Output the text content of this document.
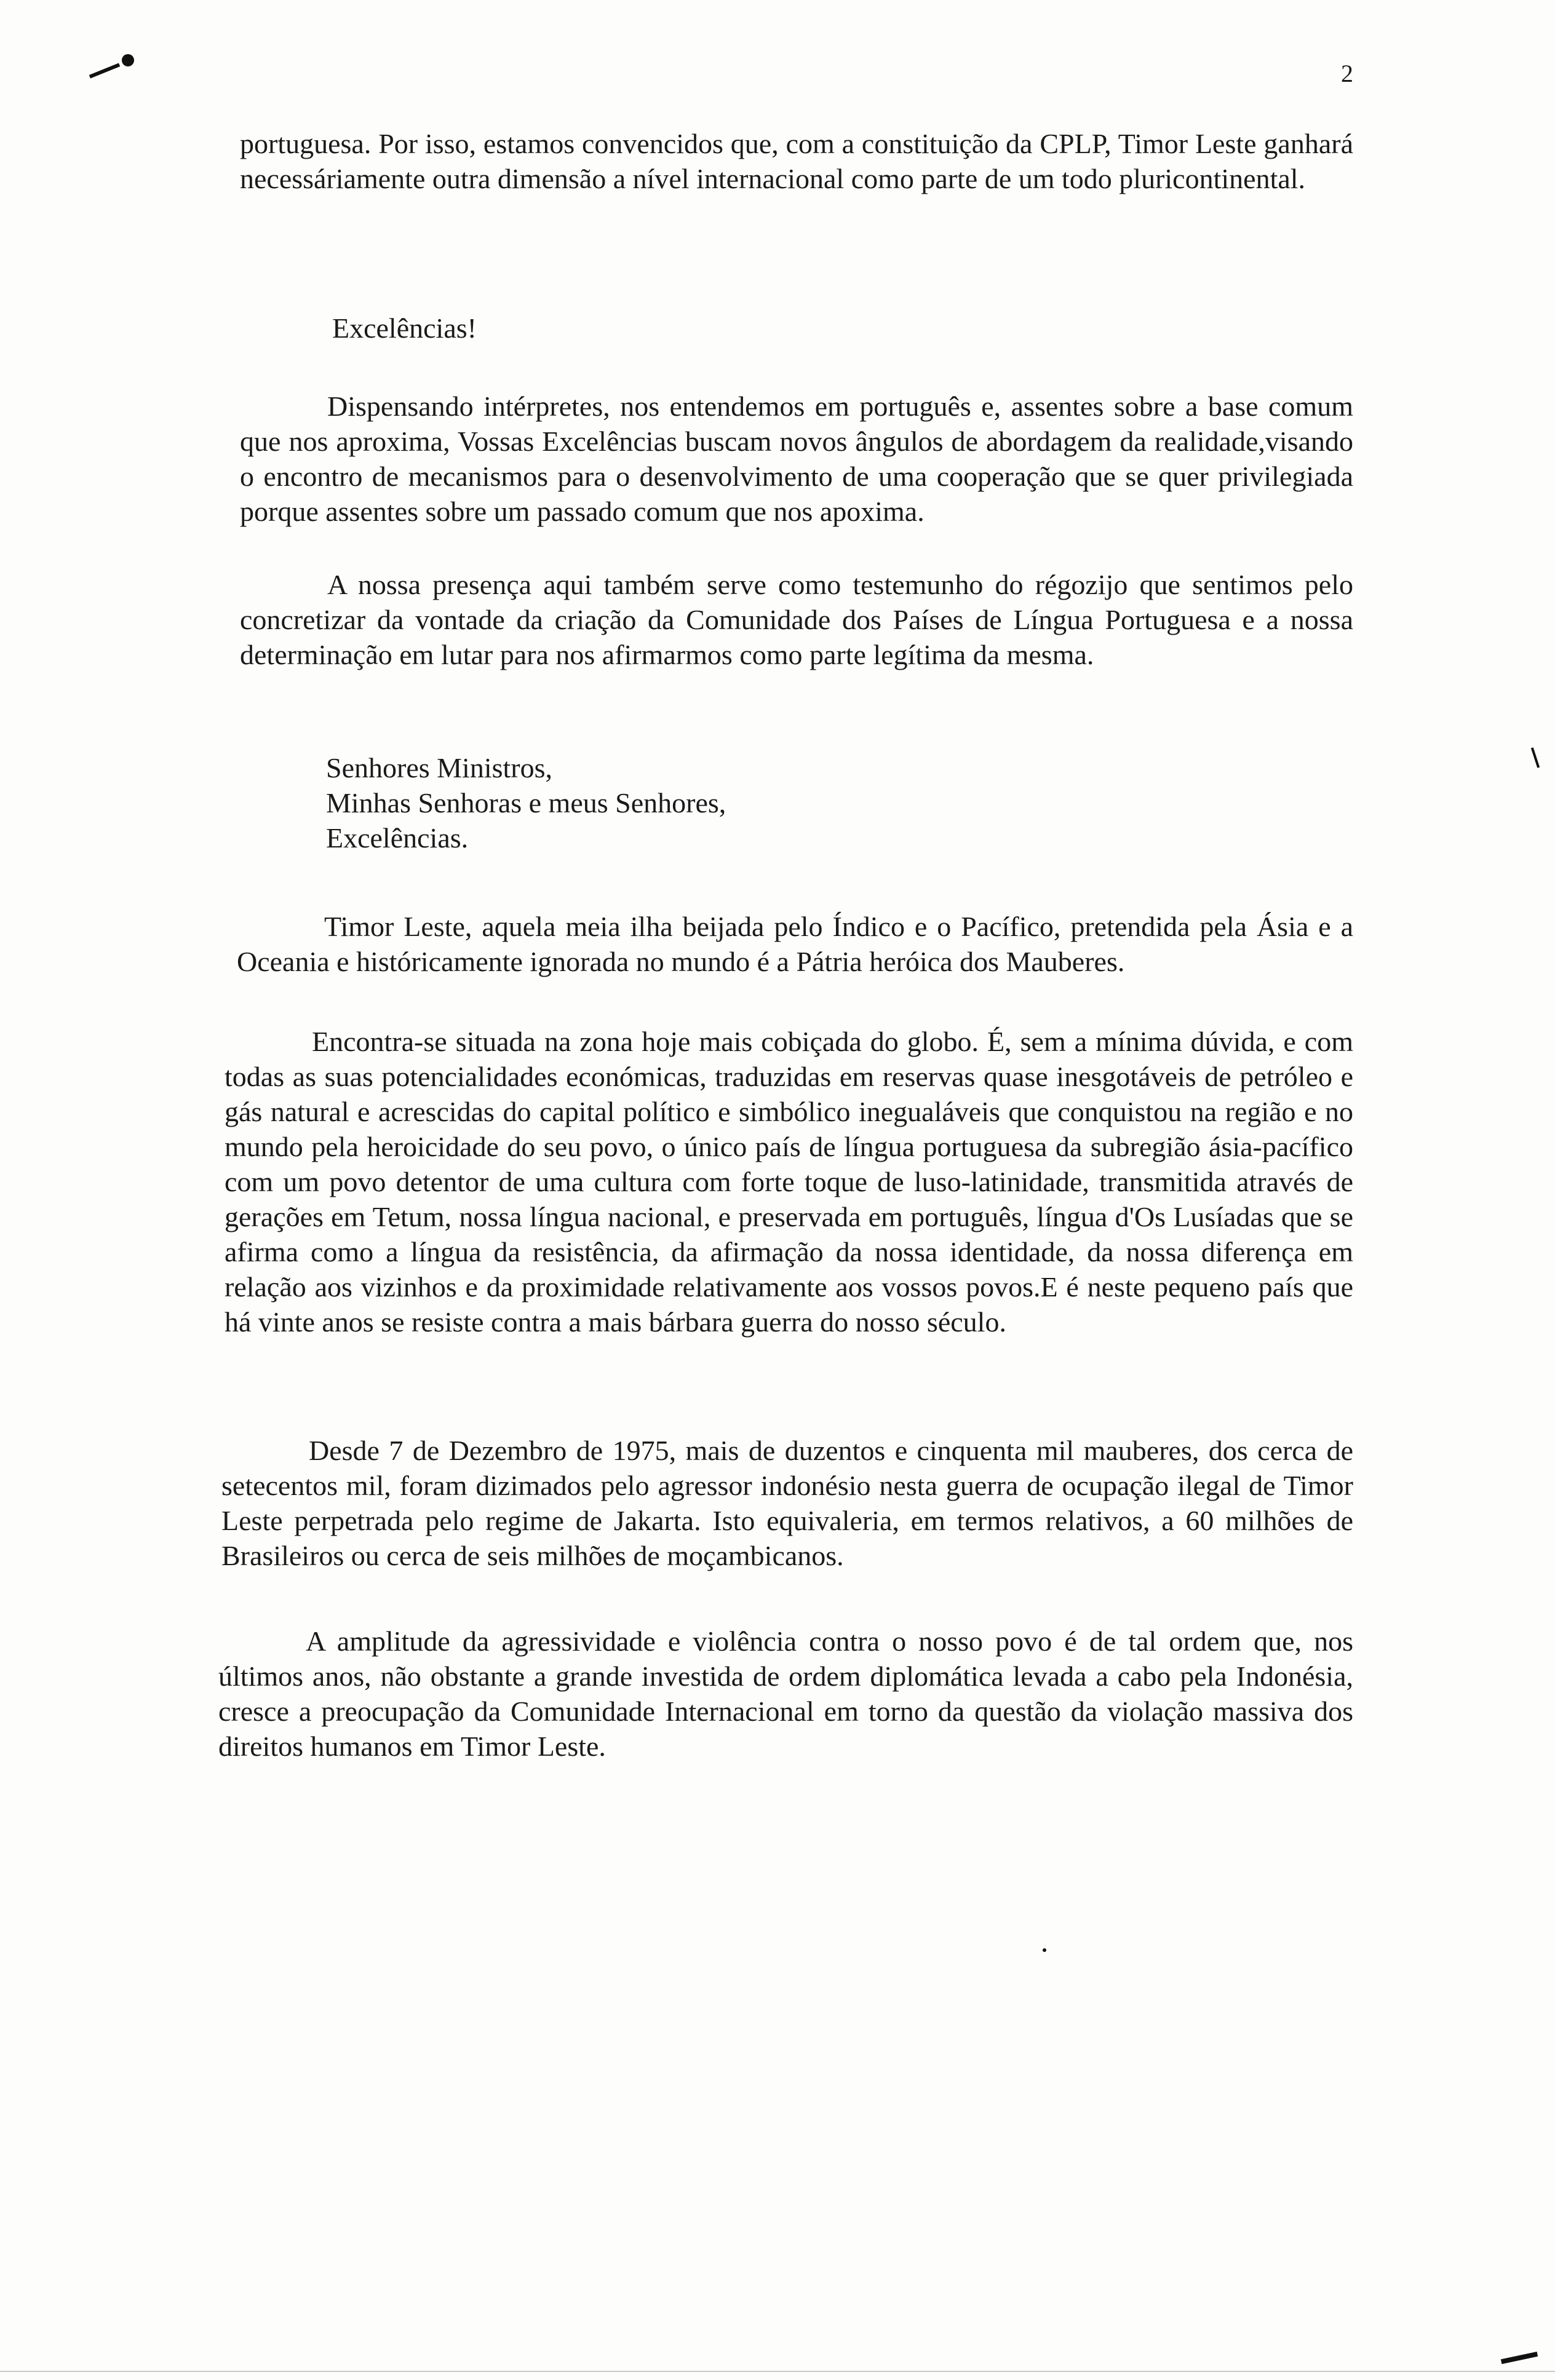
2

portuguesa. Por isso, estamos convencidos que, com a constituição da CPLP, Timor Leste ganhará necessáriamente outra dimensão a nível internacional como parte de um todo pluricontinental.

Excelências!

Dispensando intérpretes, nos entendemos em português e, assentes sobre a base comum que nos aproxima, Vossas Excelências buscam novos ângulos de abordagem da realidade,visando o encontro de mecanismos para o desenvolvimento de uma cooperação que se quer privilegiada porque assentes sobre um passado comum que nos apoxima.

A nossa presença aqui também serve como testemunho do régozijo que sentimos pelo concretizar da vontade da criação da Comunidade dos Países de Língua Portuguesa e a nossa determinação em lutar para nos afirmarmos como parte legítima da mesma.

Senhores Ministros,
Minhas Senhoras e meus Senhores,
Excelências.

Timor Leste, aquela meia ilha beijada pelo Índico e o Pacífico, pretendida pela Ásia e a Oceania e históricamente ignorada no mundo é a Pátria heróica dos Mauberes.

Encontra-se situada na zona hoje mais cobiçada do globo. É, sem a mínima dúvida, e com todas as suas potencialidades económicas, traduzidas em reservas quase inesgotáveis de petróleo e gás natural e acrescidas do capital político e simbólico inegualáveis que conquistou na região e no mundo pela heroicidade do seu povo, o único país de língua portuguesa da subregião ásia-pacífico com um povo detentor de uma cultura com forte toque de luso-latinidade, transmitida através de gerações em Tetum, nossa língua nacional, e preservada em português, língua d'Os Lusíadas que se afirma como a língua da resistência, da afirmação da nossa identidade, da nossa diferença em relação aos vizinhos e da proximidade relativamente aos vossos povos.E é neste pequeno país que há vinte anos se resiste contra a mais bárbara guerra do nosso século.

Desde 7 de Dezembro de 1975, mais de duzentos e cinquenta mil mauberes, dos cerca de setecentos mil, foram dizimados pelo agressor indonésio nesta guerra de ocupação ilegal de Timor Leste perpetrada pelo regime de Jakarta. Isto equivaleria, em termos relativos, a 60 milhões de Brasileiros ou cerca de seis milhões de moçambicanos.

A amplitude da agressividade e violência contra o nosso povo é de tal ordem que, nos últimos anos, não obstante a grande investida de ordem diplomática levada a cabo pela Indonésia, cresce a preocupação da Comunidade Internacional em torno da questão da violação massiva dos direitos humanos em Timor Leste.
